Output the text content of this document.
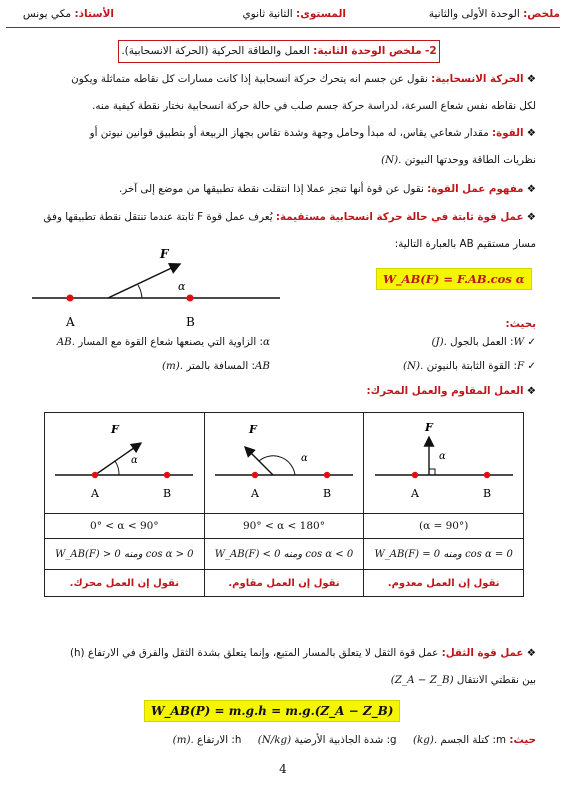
ملخص: الوحدة الأولى والثانية
المستوى: الثانية ثانوي
الأستاذ: مكي يونس
2- ملخص الوحدة الثانية: العمل والطاقة الحركية (الحركة الانسحابية).
❖ الحركة الانسحابية: نقول عن جسم انه يتحرك حركة انسحابية إذا كانت مسارات كل نقاطه متماثلة ويكون
لكل نقاطه نفس شعاع السرعة، لدراسة حركة جسم صلب في حالة حركة انسحابية نختار نقطة كيفية منه.
❖ القوة: مقدار شعاعي يقاس، له مبدأ وحامل وجهة وشدة تقاس بجهاز الربيعة أو بتطبيق قوانين نيوتن أو
نظريات الطاقة ووحدتها النيوتن (N).
❖ مفهوم عمل القوة: نقول عن قوة أنها تنجز عملا إذا انتقلت نقطة تطبيقها من موضع إلى آخر.
❖ عمل قوة ثابتة في حالة حركة انسحابية مستقيمة: يُعرف عمل قوة F ثابتة عندما تنتقل نقطة تطبيقها وفق
مسار مستقيم AB بالعبارة التالية:
W_AB(F) = F.AB.cos α
F
α
A	B	بحيث:
✓ W: العمل بالجول (J).
α: الزاوية التي يصنعها شعاع القوة مع المسار AB.
✓ F: القوة الثابتة بالنيوتن (N).
AB: المسافة بالمتر (m).
❖ العمل المقاوم والعمل المحرك:
F
α
A B	F
α
A B	F
α
A B

0° < α < 90°	90° < α < 180°	(α = 90°)
W_AB(F) > 0 ومنه cos α > 0	W_AB(F) < 0 ومنه cos α < 0	W_AB(F) = 0 ومنه cos α = 0
نقول إن العمل محرك.	نقول إن العمل مقاوم.	نقول إن العمل معدوم.
❖ عمل قوة الثقل: عمل قوة الثقل لا يتعلق بالمسار المتبع، وإنما يتعلق بشدة الثقل والفرق في الارتفاع (h)
بين نقطتي الانتقال (Z_A − Z_B)
W_AB(P) = m.g.h = m.g.(Z_A − Z_B)
حيث: m: كتلة الجسم (kg).     g: شدة الجاذبية الأرضية (N/kg)     h: الارتفاع (m).
4
